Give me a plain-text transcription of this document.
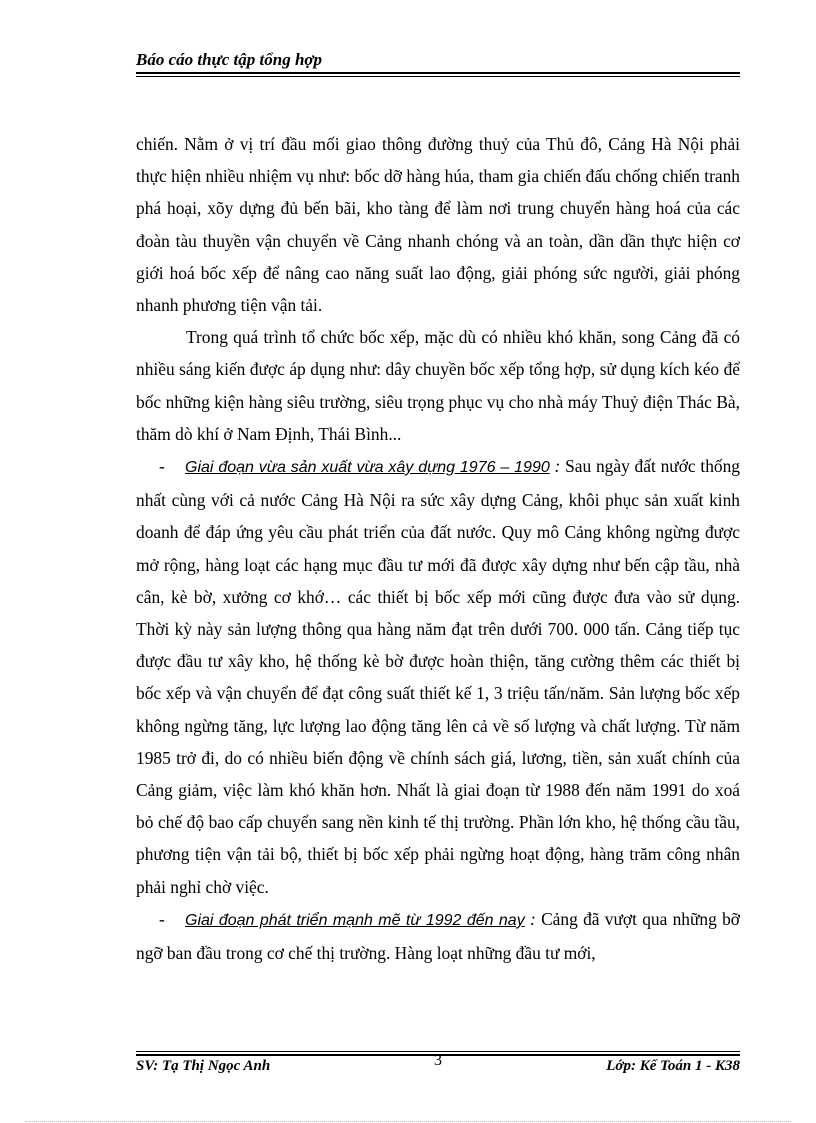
Báo cáo thực tập tổng hợp

chiến. Nằm ở vị trí đầu mối giao thông đường thuỷ của Thủ đô, Cảng Hà Nội phải thực hiện nhiều nhiệm vụ như: bốc dỡ hàng húa, tham gia chiến đấu chống chiến tranh phá hoại, xõy dựng đủ bến bãi, kho tàng để làm nơi trung chuyển hàng hoá của các đoàn tàu thuyền vận chuyển về Cảng nhanh chóng và an toàn, dần dần thực hiện cơ giới hoá bốc xếp để nâng cao năng suất lao động, giải phóng sức người, giải phóng nhanh phương tiện vận tải.

Trong quá trình tổ chức bốc xếp, mặc dù có nhiều khó khăn, song Cảng đã có nhiều sáng kiến được áp dụng như: dây chuyền bốc xếp tổng hợp, sử dụng kích kéo để bốc những kiện hàng siêu trường, siêu trọng phục vụ cho nhà máy Thuỷ điện Thác Bà, thăm dò khí ở Nam Định, Thái Bình...

- Giai đoạn vừa sản xuất vừa xây dựng 1976 – 1990 : Sau ngày đất nước thống nhất cùng với cả nước Cảng Hà Nội ra sức xây dựng Cảng, khôi phục sản xuất kinh doanh để đáp ứng yêu cầu phát triển của đất nước. Quy mô Cảng không ngừng được mở rộng, hàng loạt các hạng mục đầu tư mới đã được xây dựng như bến cập tầu, nhà cân, kè bờ, xưởng cơ khớ… các thiết bị bốc xếp mới cũng được đưa vào sử dụng. Thời kỳ này sản lượng thông qua hàng năm đạt trên dưới 700. 000 tấn. Cảng tiếp tục được đầu tư xây kho, hệ thống kè bờ được hoàn thiện, tăng cường thêm các thiết bị bốc xếp và vận chuyển để đạt công suất thiết kế 1, 3 triệu tấn/năm. Sản lượng bốc xếp không ngừng tăng, lực lượng lao động tăng lên cả về số lượng và chất lượng. Từ năm 1985 trở đi, do có nhiều biến động về chính sách giá, lương, tiền, sản xuất chính của Cảng giảm, việc làm khó khăn hơn. Nhất là giai đoạn từ 1988 đến năm 1991 do xoá bỏ chế độ bao cấp chuyển sang nền kinh tế thị trường. Phần lớn kho, hệ thống cầu tầu, phương tiện vận tải bộ, thiết bị bốc xếp phải ngừng hoạt động, hàng trăm công nhân phải nghỉ chờ việc.

- Giai đoạn phát triển mạnh mẽ từ 1992 đến nay : Cảng đã vượt qua những bỡ ngỡ ban đầu trong cơ chế thị trường. Hàng loạt những đầu tư mới,

SV: Tạ Thị Ngọc Anh	3	Lớp: Kế Toán 1 - K38
